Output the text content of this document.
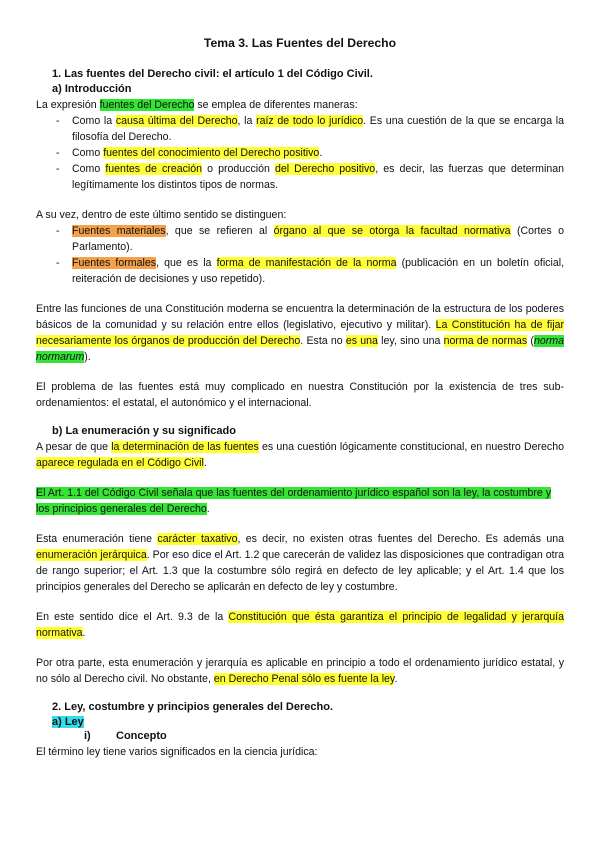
Tema 3. Las Fuentes del Derecho
1. Las fuentes del Derecho civil: el artículo 1 del Código Civil.
a) Introducción

La expresión fuentes del Derecho se emplea de diferentes maneras:

- Como la causa última del Derecho, la raíz de todo lo jurídico. Es una cuestión de la que se encarga la filosofía del Derecho.
- Como fuentes del conocimiento del Derecho positivo.
- Como fuentes de creación o producción del Derecho positivo, es decir, las fuerzas que determinan legítimamente los distintos tipos de normas.

A su vez, dentro de este último sentido se distinguen:

- Fuentes materiales, que se refieren al órgano al que se otorga la facultad normativa (Cortes o Parlamento).
- Fuentes formales, que es la forma de manifestación de la norma (publicación en un boletín oficial, reiteración de decisiones y uso repetido).

Entre las funciones de una Constitución moderna se encuentra la determinación de la estructura de los poderes básicos de la comunidad y su relación entre ellos (legislativo, ejecutivo y militar). La Constitución ha de fijar necesariamente los órganos de producción del Derecho. Esta no es una ley, sino una norma de normas (norma normarum).

El problema de las fuentes está muy complicado en nuestra Constitución por la existencia de tres sub-ordenamientos: el estatal, el autonómico y el internacional.

b) La enumeración y su significado

A pesar de que la determinación de las fuentes es una cuestión lógicamente constitucional, en nuestro Derecho aparece regulada en el Código Civil.

El Art. 1.1 del Código Civil señala que las fuentes del ordenamiento jurídico español son la ley, la costumbre y los principios generales del Derecho.

Esta enumeración tiene carácter taxativo, es decir, no existen otras fuentes del Derecho. Es además una enumeración jerárquica. Por eso dice el Art. 1.2 que carecerán de validez las disposiciones que contradigan otra de rango superior; el Art. 1.3 que la costumbre sólo regirá en defecto de ley aplicable; y el Art. 1.4 que los principios generales del Derecho se aplicarán en defecto de ley y costumbre.

En este sentido dice el Art. 9.3 de la Constitución que ésta garantiza el principio de legalidad y jerarquía normativa.

Por otra parte, esta enumeración y jerarquía es aplicable en principio a todo el ordenamiento jurídico estatal, y no sólo al Derecho civil. No obstante, en Derecho Penal sólo es fuente la ley.

2. Ley, costumbre y principios generales del Derecho.
a) Ley
i)	Concepto

El término ley tiene varios significados en la ciencia jurídica:
